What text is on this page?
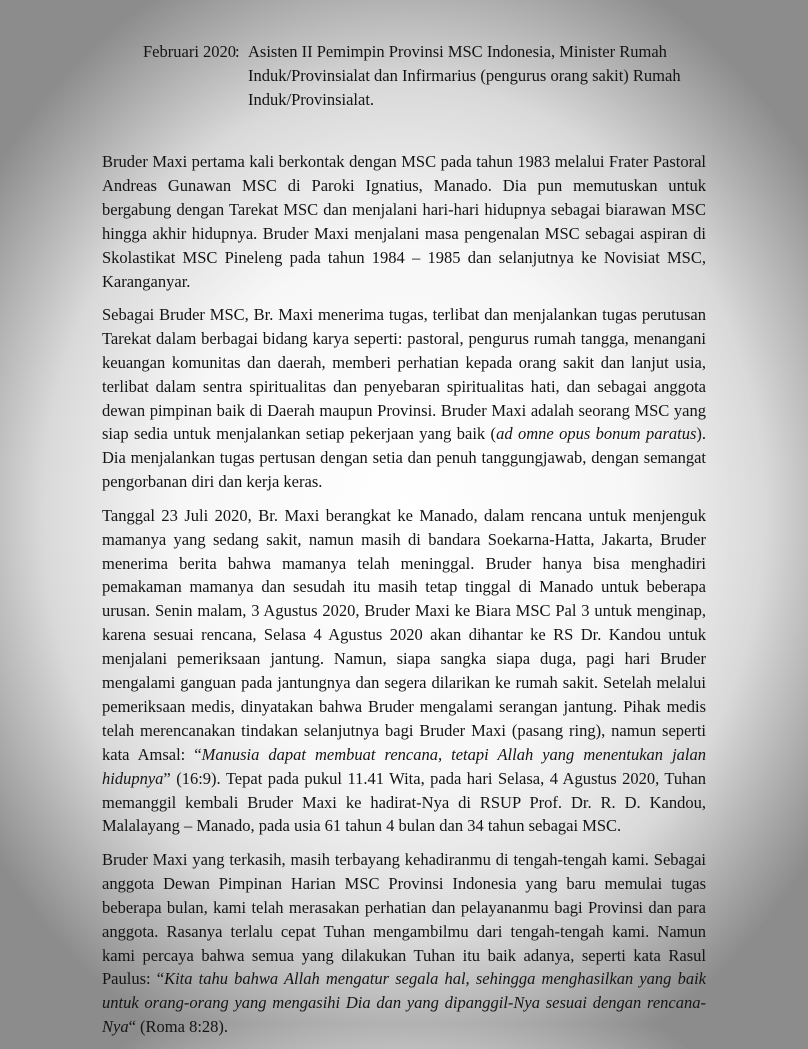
Februari 2020
: Asisten II Pemimpin Provinsi MSC Indonesia, Minister Rumah Induk/Provinsialat dan Infirmarius (pengurus orang sakit) Rumah Induk/Provinsialat.

Bruder Maxi pertama kali berkontak dengan MSC pada tahun 1983 melalui Frater Pastoral Andreas Gunawan MSC di Paroki Ignatius, Manado. Dia pun memutuskan untuk bergabung dengan Tarekat MSC dan menjalani hari-hari hidupnya sebagai biarawan MSC hingga akhir hidupnya. Bruder Maxi menjalani masa pengenalan MSC sebagai aspiran di Skolastikat MSC Pineleng pada tahun 1984 – 1985 dan selanjutnya ke Novisiat MSC, Karanganyar.

Sebagai Bruder MSC, Br. Maxi menerima tugas, terlibat dan menjalankan tugas perutusan Tarekat dalam berbagai bidang karya seperti: pastoral, pengurus rumah tangga, menangani keuangan komunitas dan daerah, memberi perhatian kepada orang sakit dan lanjut usia, terlibat dalam sentra spiritualitas dan penyebaran spiritualitas hati, dan sebagai anggota dewan pimpinan baik di Daerah maupun Provinsi. Bruder Maxi adalah seorang MSC yang siap sedia untuk menjalankan setiap pekerjaan yang baik (ad omne opus bonum paratus). Dia menjalankan tugas pertusan dengan setia dan penuh tanggungjawab, dengan semangat pengorbanan diri dan kerja keras.

Tanggal 23 Juli 2020, Br. Maxi berangkat ke Manado, dalam rencana untuk menjenguk mamanya yang sedang sakit, namun masih di bandara Soekarna-Hatta, Jakarta, Bruder menerima berita bahwa mamanya telah meninggal. Bruder hanya bisa menghadiri pemakaman mamanya dan sesudah itu masih tetap tinggal di Manado untuk beberapa urusan. Senin malam, 3 Agustus 2020, Bruder Maxi ke Biara MSC Pal 3 untuk menginap, karena sesuai rencana, Selasa 4 Agustus 2020 akan dihantar ke RS Dr. Kandou untuk menjalani pemeriksaan jantung. Namun, siapa sangka siapa duga, pagi hari Bruder mengalami ganguan pada jantungnya dan segera dilarikan ke rumah sakit. Setelah melalui pemeriksaan medis, dinyatakan bahwa Bruder mengalami serangan jantung. Pihak medis telah merencanakan tindakan selanjutnya bagi Bruder Maxi (pasang ring), namun seperti kata Amsal: “Manusia dapat membuat rencana, tetapi Allah yang menentukan jalan hidupnya” (16:9). Tepat pada pukul 11.41 Wita, pada hari Selasa, 4 Agustus 2020, Tuhan memanggil kembali Bruder Maxi ke hadirat-Nya di RSUP Prof. Dr. R. D. Kandou, Malalayang – Manado, pada usia 61 tahun 4 bulan dan 34 tahun sebagai MSC.

Bruder Maxi yang terkasih, masih terbayang kehadiranmu di tengah-tengah kami. Sebagai anggota Dewan Pimpinan Harian MSC Provinsi Indonesia yang baru memulai tugas beberapa bulan, kami telah merasakan perhatian dan pelayananmu bagi Provinsi dan para anggota. Rasanya terlalu cepat Tuhan mengambilmu dari tengah-tengah kami. Namun kami percaya bahwa semua yang dilakukan Tuhan itu baik adanya, seperti kata Rasul Paulus: “Kita tahu bahwa Allah mengatur segala hal, sehingga menghasilkan yang baik untuk orang-orang yang mengasihi Dia dan yang dipanggil-Nya sesuai dengan rencana-Nya“ (Roma 8:28).
